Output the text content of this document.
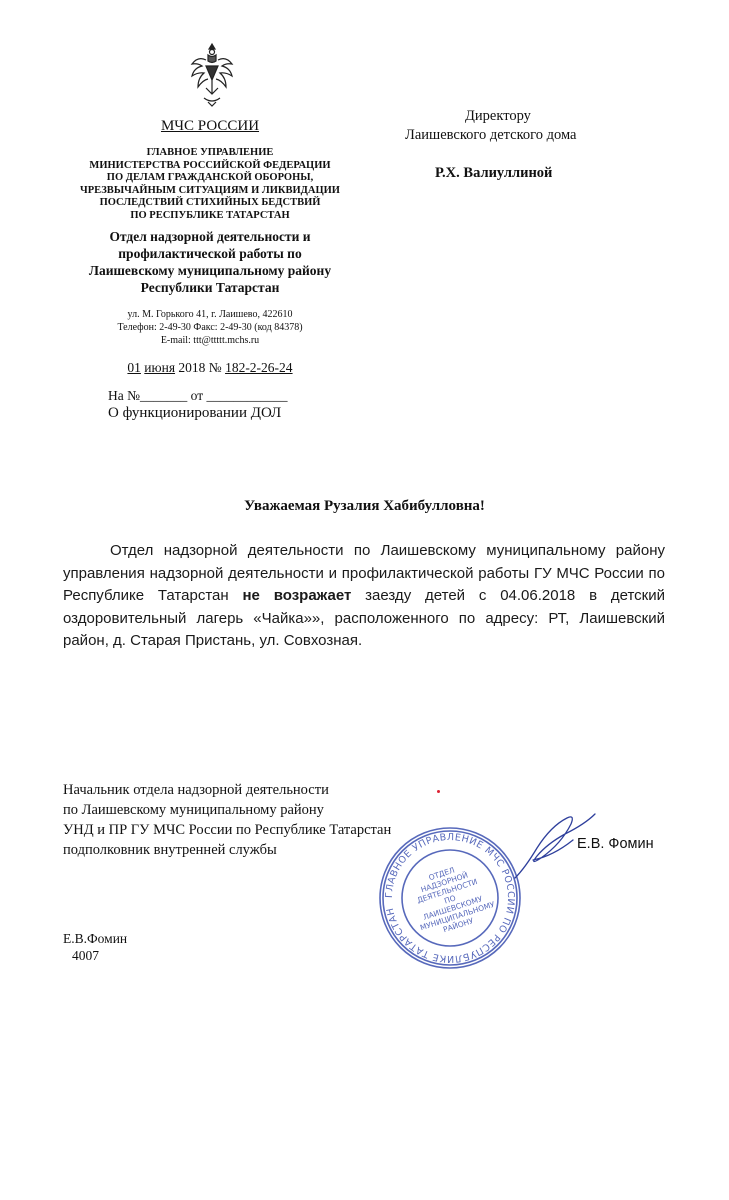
МЧС РОССИИ
ГЛАВНОЕ УПРАВЛЕНИЕ
МИНИСТЕРСТВА РОССИЙСКОЙ ФЕДЕРАЦИИ
ПО ДЕЛАМ ГРАЖДАНСКОЙ ОБОРОНЫ,
ЧРЕЗВЫЧАЙНЫМ СИТУАЦИЯМ И ЛИКВИДАЦИИ
ПОСЛЕДСТВИЙ СТИХИЙНЫХ БЕДСТВИЙ
ПО РЕСПУБЛИКЕ ТАТАРСТАН
Отдел надзорной деятельности и
профилактической работы по
Лаишевскому муниципальному району
Республики Татарстан
ул. М. Горького 41, г. Лаишево, 422610
Телефон: 2-49-30 Факс: 2-49-30 (код 84378)
E-mail: ttt@ttttt.mchs.ru
01 июня 2018 № 182-2-26-24
На №_______ от ____________
О функционировании ДОЛ
Директору
Лаишевского детского дома
Р.Х. Валиуллиной
Уважаемая Рузалия Хабибулловна!
Отдел надзорной деятельности по Лаишевскому муниципальному району управления надзорной деятельности и профилактической работы ГУ МЧС России по Республике Татарстан не возражает заезду детей с 04.06.2018 в детский оздоровительный лагерь «Чайка»», расположенного по адресу: РТ, Лаишевский район, д. Старая Пристань, ул. Совхозная.
ГЛАВНОЕ УПРАВЛЕНИЕ МЧС РОССИИ ПО РЕСПУБЛИКЕ ТАТАРСТАН
ОТДЕЛ НАДЗОРНОЙ ДЕЯТЕЛЬНОСТИ ПО ЛАИШЕВСКОМУ МУНИЦИПАЛЬНОМУ РАЙОНУ
Начальник отдела надзорной деятельности
по Лаишевскому муниципальному району
УНД и ПР ГУ МЧС России по Республике Татарстан
подполковник внутренней службы	Е.В. Фомин
Е.В.Фомин
4007
